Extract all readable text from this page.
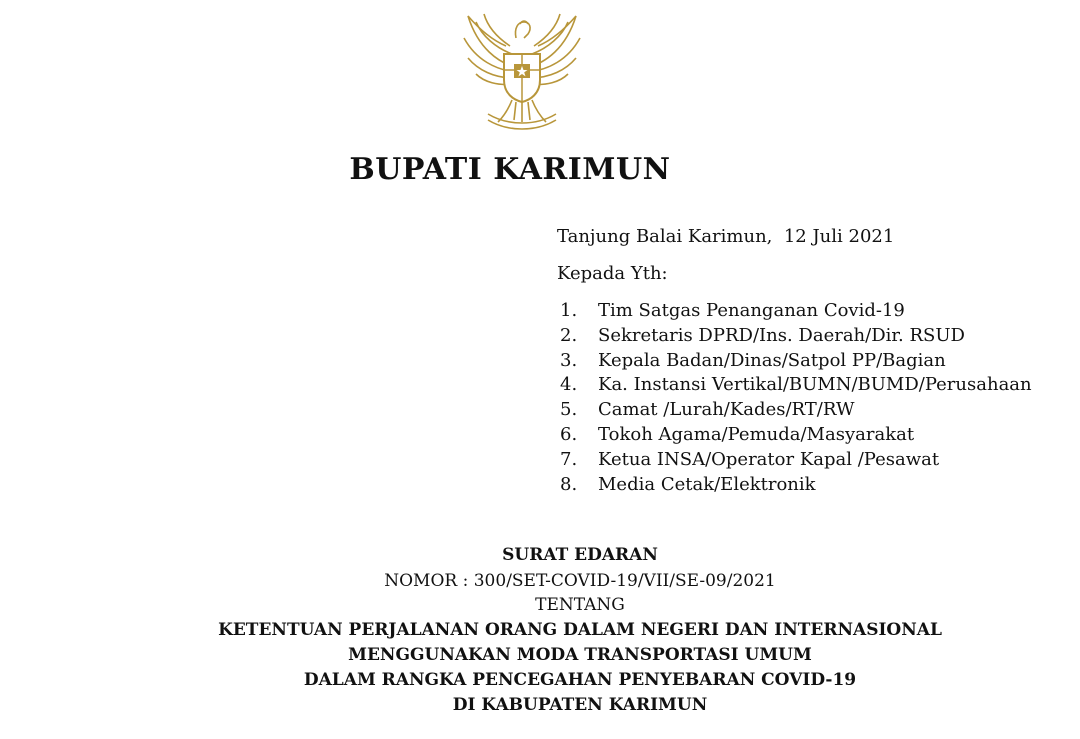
BUPATI KARIMUN
Tanjung Balai Karimun,  12 Juli 2021
Kepada Yth:
1. Tim Satgas Penanganan Covid-19
2. Sekretaris DPRD/Ins. Daerah/Dir. RSUD
3. Kepala Badan/Dinas/Satpol PP/Bagian
4. Ka. Instansi Vertikal/BUMN/BUMD/Perusahaan
5. Camat /Lurah/Kades/RT/RW
6. Tokoh Agama/Pemuda/Masyarakat
7. Ketua INSA/Operator Kapal /Pesawat
8. Media Cetak/Elektronik
SURAT EDARAN
NOMOR : 300/SET-COVID-19/VII/SE-09/2021
TENTANG
KETENTUAN PERJALANAN ORANG DALAM NEGERI DAN INTERNASIONAL
MENGGUNAKAN MODA TRANSPORTASI UMUM
DALAM RANGKA PENCEGAHAN PENYEBARAN COVID-19
DI KABUPATEN KARIMUN
